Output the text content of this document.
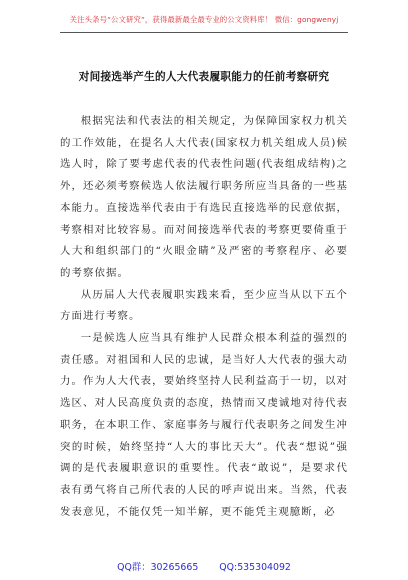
关注头条号“公文研究”，获得最新最全最专业的公文资料库！ 微信：gongwenyj
对间接选举产生的人大代表履职能力的任前考察研究

根据宪法和代表法的相关规定，为保障国家权力机关的工作效能，在提名人大代表(国家权力机关组成人员)候选人时，除了要考虑代表的代表性问题(代表组成结构)之外，还必须考察候选人依法履行职务所应当具备的一些基本能力。直接选举代表由于有选民直接选举的民意依据，考察相对比较容易。而对间接选举代表的考察更要倚重于人大和组织部门的“火眼金睛”及严密的考察程序、必要的考察依据。

从历届人大代表履职实践来看，至少应当从以下五个方面进行考察。

一是候选人应当具有维护人民群众根本利益的强烈的责任感。对祖国和人民的忠诚，是当好人大代表的强大动力。作为人大代表，要始终坚持人民利益高于一切，以对选区、对人民高度负责的态度，热情而又虔诚地对待代表职务，在本职工作、家庭事务与履行代表职务之间发生冲突的时候，始终坚持“人大的事比天大”。代表“想说”强调的是代表履职意识的重要性。代表“敢说”，是要求代表有勇气将自己所代表的人民的呼声说出来。当然，代表发表意见，不能仅凭一知半解，更不能凭主观臆断，必

QQ群：30265665 QQ:535304092
